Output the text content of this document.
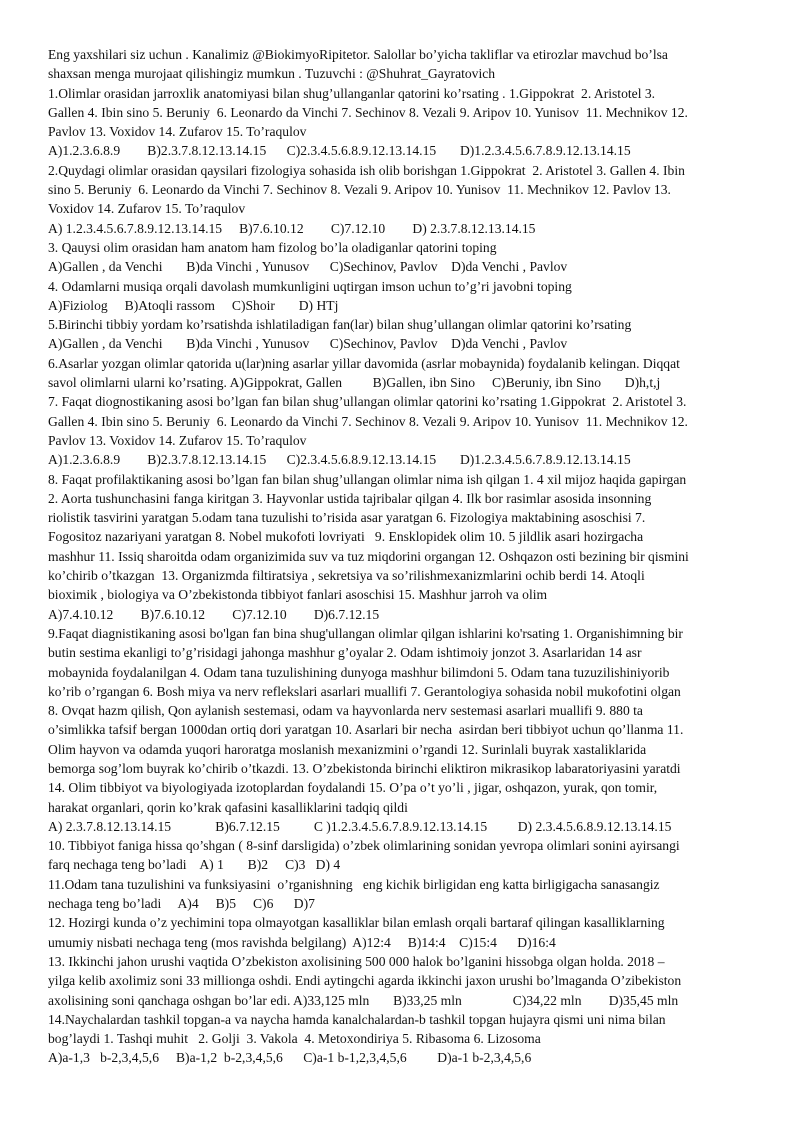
Eng yaxshilari siz uchun . Kanalimiz @BiokimyoRipitetor. Salollar bo’yicha takliflar va etirozlar mavchud bo’lsa
shaxsan menga murojaat qilishingiz mumkun . Tuzuvchi : @Shuhrat_Gayratovich
1.Olimlar orasidan jarroxlik anatomiyasi bilan shug’ullanganlar qatorini ko’rsating . 1.Gippokrat  2. Aristotel 3.
Gallen 4. Ibin sino 5. Beruniy  6. Leonardo da Vinchi 7. Sechinov 8. Vezali 9. Aripov 10. Yunisov  11. Mechnikov 12.
Pavlov 13. Voxidov 14. Zufarov 15. To’raqulov
A)1.2.3.6.8.9        B)2.3.7.8.12.13.14.15      C)2.3.4.5.6.8.9.12.13.14.15       D)1.2.3.4.5.6.7.8.9.12.13.14.15
2.Quydagi olimlar orasidan qaysilari fizologiya sohasida ish olib borishgan 1.Gippokrat  2. Aristotel 3. Gallen 4. Ibin
sino 5. Beruniy  6. Leonardo da Vinchi 7. Sechinov 8. Vezali 9. Aripov 10. Yunisov  11. Mechnikov 12. Pavlov 13.
Voxidov 14. Zufarov 15. To’raqulov
A) 1.2.3.4.5.6.7.8.9.12.13.14.15     B)7.6.10.12        C)7.12.10        D) 2.3.7.8.12.13.14.15
3. Qauysi olim orasidan ham anatom ham fizolog bo’la oladiganlar qatorini toping
A)Gallen , da Venchi       B)da Vinchi , Yunusov      C)Sechinov, Pavlov    D)da Venchi , Pavlov
4. Odamlarni musiqa orqali davolash mumkunligini uqtirgan imson uchun to’g’ri javobni toping
A)Fiziolog     B)Atoqli rassom     C)Shoir       D) HTj
5.Birinchi tibbiy yordam ko’rsatishda ishlatiladigan fan(lar) bilan shug’ullangan olimlar qatorini ko’rsating
A)Gallen , da Venchi       B)da Vinchi , Yunusov      C)Sechinov, Pavlov    D)da Venchi , Pavlov
6.Asarlar yozgan olimlar qatorida u(lar)ning asarlar yillar davomida (asrlar mobaynida) foydalanib kelingan. Diqqat
savol olimlarni ularni ko’rsating. A)Gippokrat, Gallen         B)Gallen, ibn Sino     C)Beruniy, ibn Sino       D)h,t,j
7. Faqat diognostikaning asosi bo’lgan fan bilan shug’ullangan olimlar qatorini ko’rsating 1.Gippokrat  2. Aristotel 3.
Gallen 4. Ibin sino 5. Beruniy  6. Leonardo da Vinchi 7. Sechinov 8. Vezali 9. Aripov 10. Yunisov  11. Mechnikov 12.
Pavlov 13. Voxidov 14. Zufarov 15. To’raqulov
A)1.2.3.6.8.9        B)2.3.7.8.12.13.14.15      C)2.3.4.5.6.8.9.12.13.14.15       D)1.2.3.4.5.6.7.8.9.12.13.14.15
8. Faqat profilaktikaning asosi bo’lgan fan bilan shug’ullangan olimlar nima ish qilgan 1. 4 xil mijoz haqida gapirgan
2. Aorta tushunchasini fanga kiritgan 3. Hayvonlar ustida tajribalar qilgan 4. Ilk bor rasimlar asosida insonning
riolistik tasvirini yaratgan 5.odam tana tuzulishi to’risida asar yaratgan 6. Fizologiya maktabining asoschisi 7.
Fogositoz nazariyani yaratgan 8. Nobel mukofoti lovriyati   9. Ensklopidek olim 10. 5 jildlik asari hozirgacha
mashhur 11. Issiq sharoitda odam organizimida suv va tuz miqdorini organgan 12. Oshqazon osti bezining bir qismini
ko’chirib o’tkazgan  13. Organizmda filtiratsiya , sekretsiya va so’rilishmexanizmlarini ochib berdi 14. Atoqli
bioximik , biologiya va O’zbekistonda tibbiyot fanlari asoschisi 15. Mashhur jarroh va olim
A)7.4.10.12        B)7.6.10.12        C)7.12.10        D)6.7.12.15
9.Faqat diagnistikaning asosi bo'lgan fan bina shug'ullangan olimlar qilgan ishlarini ko'rsating 1. Organishimning bir
butin sestima ekanligi to’g’risidagi jahonga mashhur g’oyalar 2. Odam ishtimoiy jonzot 3. Asarlaridan 14 asr
mobaynida foydalanilgan 4. Odam tana tuzulishining dunyoga mashhur bilimdoni 5. Odam tana tuzuzilishiniyorib
ko’rib o’rgangan 6. Bosh miya va nerv reflekslari asarlari muallifi 7. Gerantologiya sohasida nobil mukofotini olgan
8. Ovqat hazm qilish, Qon aylanish sestemasi, odam va hayvonlarda nerv sestemasi asarlari muallifi 9. 880 ta
o’simlikka tafsif bergan 1000dan ortiq dori yaratgan 10. Asarlari bir necha  asirdan beri tibbiyot uchun qo’llanma 11.
Olim hayvon va odamda yuqori haroratga moslanish mexanizmini o’rgandi 12. Surinlali buyrak xastaliklarida
bemorga sog’lom buyrak ko’chirib o’tkazdi. 13. O’zbekistonda birinchi eliktiron mikrasikop labaratoriyasini yaratdi
14. Olim tibbiyot va biyologiyada izotoplardan foydalandi 15. O’pa o’t yo’li , jigar, oshqazon, yurak, qon tomir,
harakat organlari, qorin ko’krak qafasini kasalliklarini tadqiq qildi
A) 2.3.7.8.12.13.14.15             B)6.7.12.15          C )1.2.3.4.5.6.7.8.9.12.13.14.15         D) 2.3.4.5.6.8.9.12.13.14.15
10. Tibbiyot faniga hissa qo’shgan ( 8-sinf darsligida) o’zbek olimlarining sonidan yevropa olimlari sonini ayirsangi
farq nechaga teng bo’ladi    A) 1       B)2     C)3   D) 4
11.Odam tana tuzulishini va funksiyasini  o’rganishning   eng kichik birligidan eng katta birligigacha sanasangiz
nechaga teng bo’ladi     A)4     B)5     C)6      D)7
12. Hozirgi kunda o’z yechimini topa olmayotgan kasalliklar bilan emlash orqali bartaraf qilingan kasalliklarning
umumiy nisbati nechaga teng (mos ravishda belgilang)  A)12:4     B)14:4    C)15:4      D)16:4
13. Ikkinchi jahon urushi vaqtida O’zbekiston axolisining 500 000 halok bo’lganini hissobga olgan holda. 2018 –
yilga kelib axolimiz soni 33 millionga oshdi. Endi aytingchi agarda ikkinchi jaxon urushi bo’lmaganda O’zibekiston
axolisining soni qanchaga oshgan bo’lar edi. A)33,125 mln       B)33,25 mln               C)34,22 mln        D)35,45 mln
14.Naychalardan tashkil topgan-a va naycha hamda kanalchalardan-b tashkil topgan hujayra qismi uni nima bilan
bog’laydi 1. Tashqi muhit   2. Golji  3. Vakola  4. Metoxondiriya 5. Ribasoma 6. Lizosoma
A)a-1,3   b-2,3,4,5,6     B)a-1,2  b-2,3,4,5,6      C)a-1 b-1,2,3,4,5,6         D)a-1 b-2,3,4,5,6
